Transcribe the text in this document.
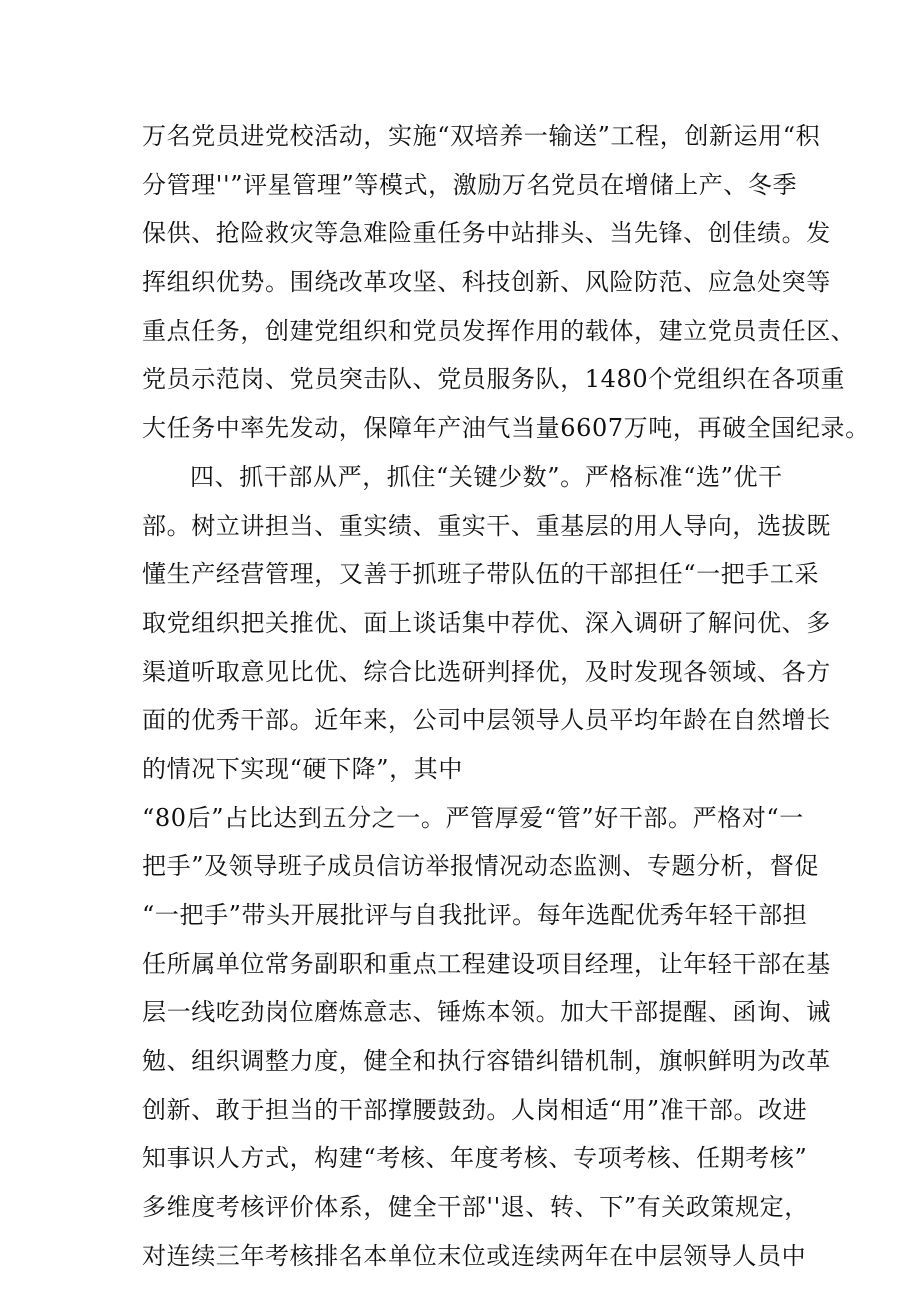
万名党员进党校活动，实施“双培养一输送”工程，创新运用“积
分管理''”评星管理”等模式，激励万名党员在增储上产、冬季
保供、抢险救灾等急难险重任务中站排头、当先锋、创佳绩。发
挥组织优势。围绕改革攻坚、科技创新、风险防范、应急处突等
重点任务，创建党组织和党员发挥作用的载体，建立党员责任区、
党员示范岗、党员突击队、党员服务队，1480个党组织在各项重
大任务中率先发动，保障年产油气当量6607万吨，再破全国纪录。
四、抓干部从严，抓住“关键少数”。严格标准“选”优干
部。树立讲担当、重实绩、重实干、重基层的用人导向，选拔既
懂生产经营管理，又善于抓班子带队伍的干部担任“一把手工采
取党组织把关推优、面上谈话集中荐优、深入调研了解问优、多
渠道听取意见比优、综合比选研判择优，及时发现各领域、各方
面的优秀干部。近年来，公司中层领导人员平均年龄在自然增长
的情况下实现“硬下降”，其中
“80后”占比达到五分之一。严管厚爱“管”好干部。严格对“一
把手”及领导班子成员信访举报情况动态监测、专题分析，督促
“一把手”带头开展批评与自我批评。每年选配优秀年轻干部担
任所属单位常务副职和重点工程建设项目经理，让年轻干部在基
层一线吃劲岗位磨炼意志、锤炼本领。加大干部提醒、函询、诫
勉、组织调整力度，健全和执行容错纠错机制，旗帜鲜明为改革
创新、敢于担当的干部撑腰鼓劲。人岗相适“用”准干部。改进
知事识人方式，构建“考核、年度考核、专项考核、任期考核”
多维度考核评价体系，健全干部''退、转、下”有关政策规定，
对连续三年考核排名本单位末位或连续两年在中层领导人员中
